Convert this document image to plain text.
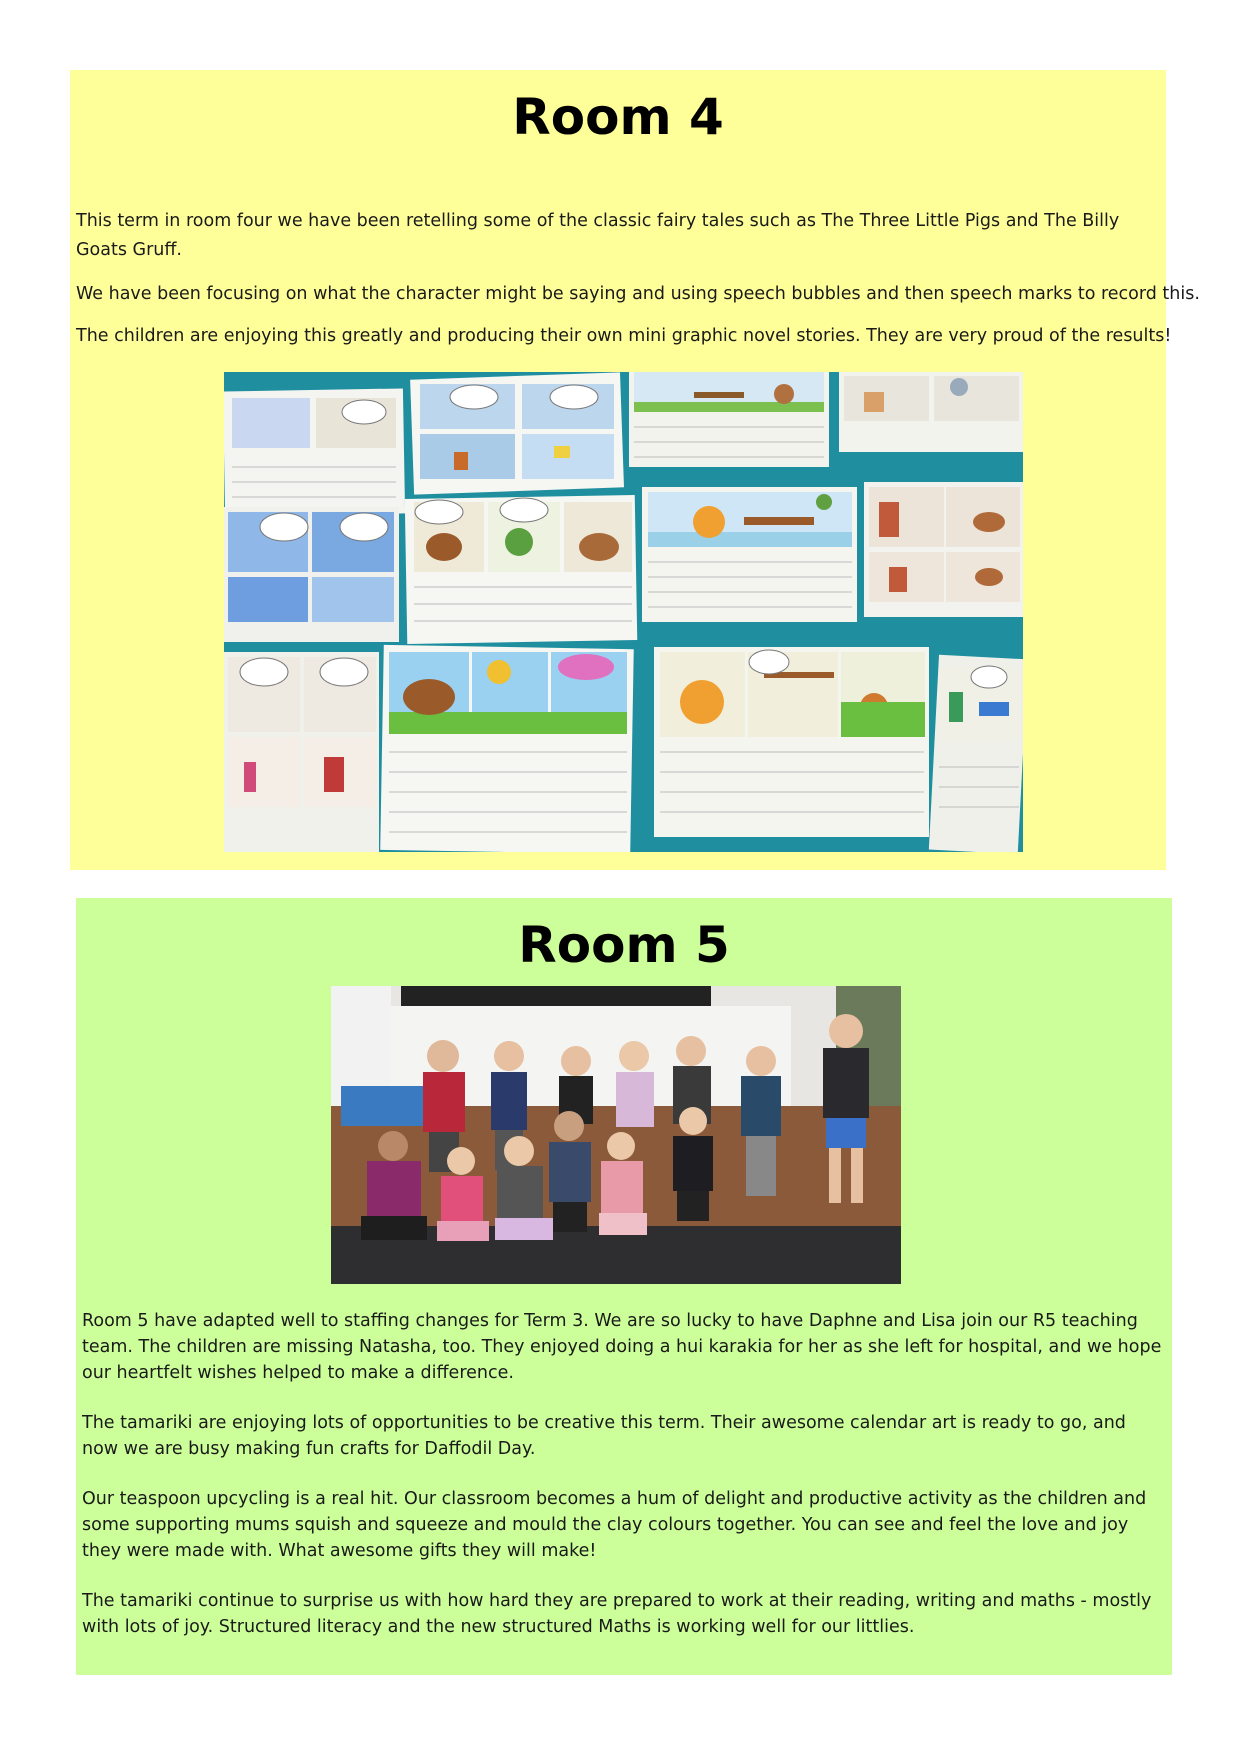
Room 4

This term in room four we have been retelling some of the classic fairy tales such as The Three Little Pigs and The Billy Goats Gruff.

We have been focusing on what the character might be saying and using speech bubbles and then speech marks to record this.

The children are enjoying this greatly and producing their own mini graphic novel stories. They are very proud of the results!

Room 5

Room 5 have adapted well to staffing changes for Term 3. We are so lucky to have Daphne and Lisa join our R5 teaching team. The children are missing Natasha, too. They enjoyed doing a hui karakia for her as she left for hospital, and we hope our heartfelt wishes helped to make a difference.

The tamariki are enjoying lots of opportunities to be creative this term. Their awesome calendar art is ready to go, and now we are busy making fun crafts for Daffodil Day.

Our teaspoon upcycling is a real hit. Our classroom becomes a hum of delight and productive activity as the children and some supporting mums squish and squeeze and mould the clay colours together. You can see and feel the love and joy they were made with. What awesome gifts they will make!

The tamariki continue to surprise us with how hard they are prepared to work at their reading, writing and maths - mostly with lots of joy. Structured literacy and the new structured Maths is working well for our littlies.
